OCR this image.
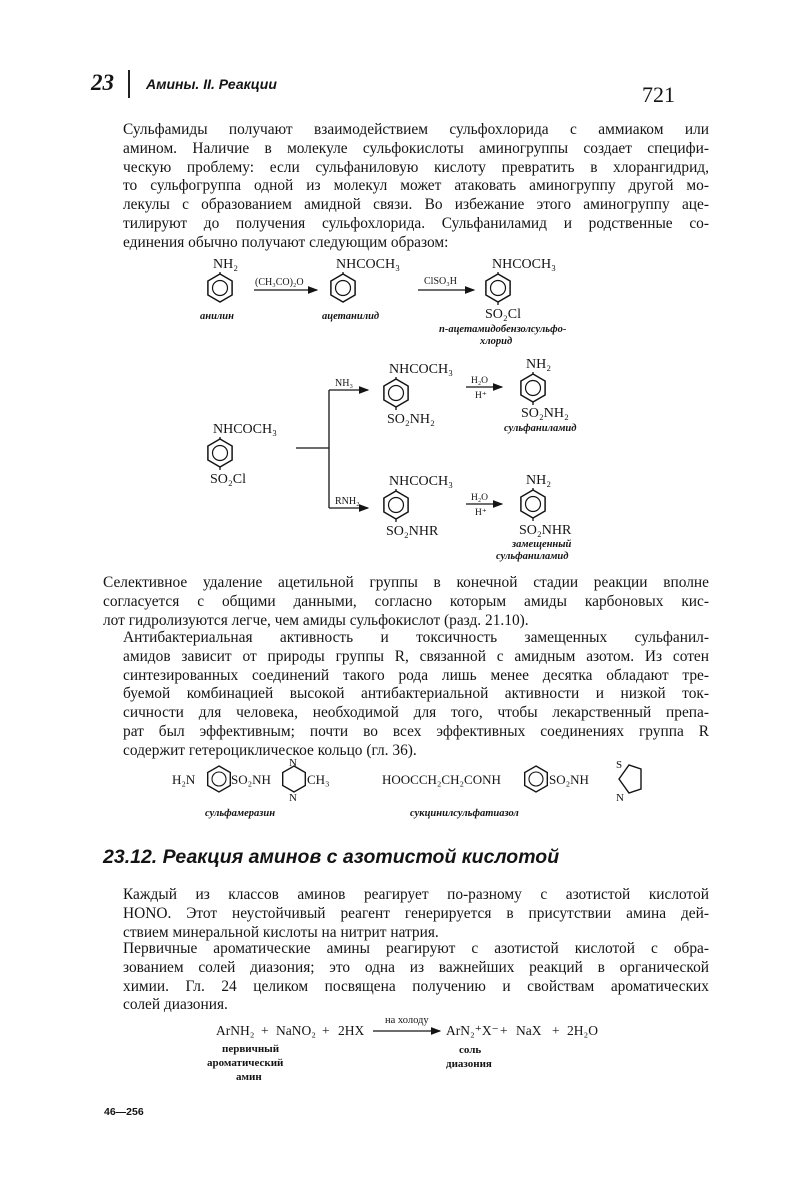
23 Амины. II. Реакции	721

Сульфамиды получают взаимодействием сульфохлорида с аммиаком или
амином. Наличие в молекуле сульфокислоты аминогруппы создает специфи-
ческую проблему: если сульфаниловую кислоту превратить в хлорангидрид,
то сульфогруппа одной из молекул может атаковать аминогруппу другой мо-
лекулы с образованием амидной связи. Во избежание этого аминогруппу аце-
тилируют до получения сульфохлорида. Сульфаниламид и родственные со-
единения обычно получают следующим образом:

NH₂
анилин
(CH₃CO)₂O
NHCOCH₃
ацетанилид
ClSO₃H
NHCOCH₃
SO₂Cl
п-ацетамидобензолсульфо-
хлорид
NHCOCH₃
SO₂Cl
NH₃
RNH₂
NHCOCH₃
SO₂NH₂
H₂O
H⁺
NH₂
SO₂NH₂
сульфаниламид
NHCOCH₃
SO₂NHR
H₂O
H⁺
NH₂
SO₂NHR
замещенный
сульфаниламид

Селективное удаление ацетильной группы в конечной стадии реакции вполне
согласуется с общими данными, согласно которым амиды карбоновых кис-
лот гидролизуются легче, чем амиды сульфокислот (разд. 21.10).

Антибактериальная активность и токсичность замещенных сульфанил-
амидов зависит от природы группы R, связанной с амидным азотом. Из сотен
синтезированных соединений такого рода лишь менее десятка обладают тре-
буемой комбинацией высокой антибактериальной активности и низкой ток-
сичности для человека, необходимой для того, чтобы лекарственный препа-
рат был эффективным; почти во всех эффективных соединениях группа R
содержит гетероциклическое кольцо (гл. 36).

H₂N	SO₂NH
N
N
CH₃
сульфамеразин
HOOCCH₂CH₂CONH	SO₂NH
S
N
сукцинилсульфатиазол
23.12. Реакция аминов с азотистой кислотой

Каждый из классов аминов реагирует по-разному с азотистой кислотой
HONO. Этот неустойчивый реагент генерируется в присутствии амина дей-
ствием минеральной кислоты на нитрит натрия.

Первичные ароматические амины реагируют с азотистой кислотой с обра-
зованием солей диазония; это одна из важнейших реакций в органической
химии. Гл. 24 целиком посвящена получению и свойствам ароматических
солей диазония.

ArNH₂ + NaNO₂ + 2HX
на холоду
ArN₂⁺X⁻ + NaX + 2H₂O
первичный
ароматический
амин
соль
диазония
46—256
